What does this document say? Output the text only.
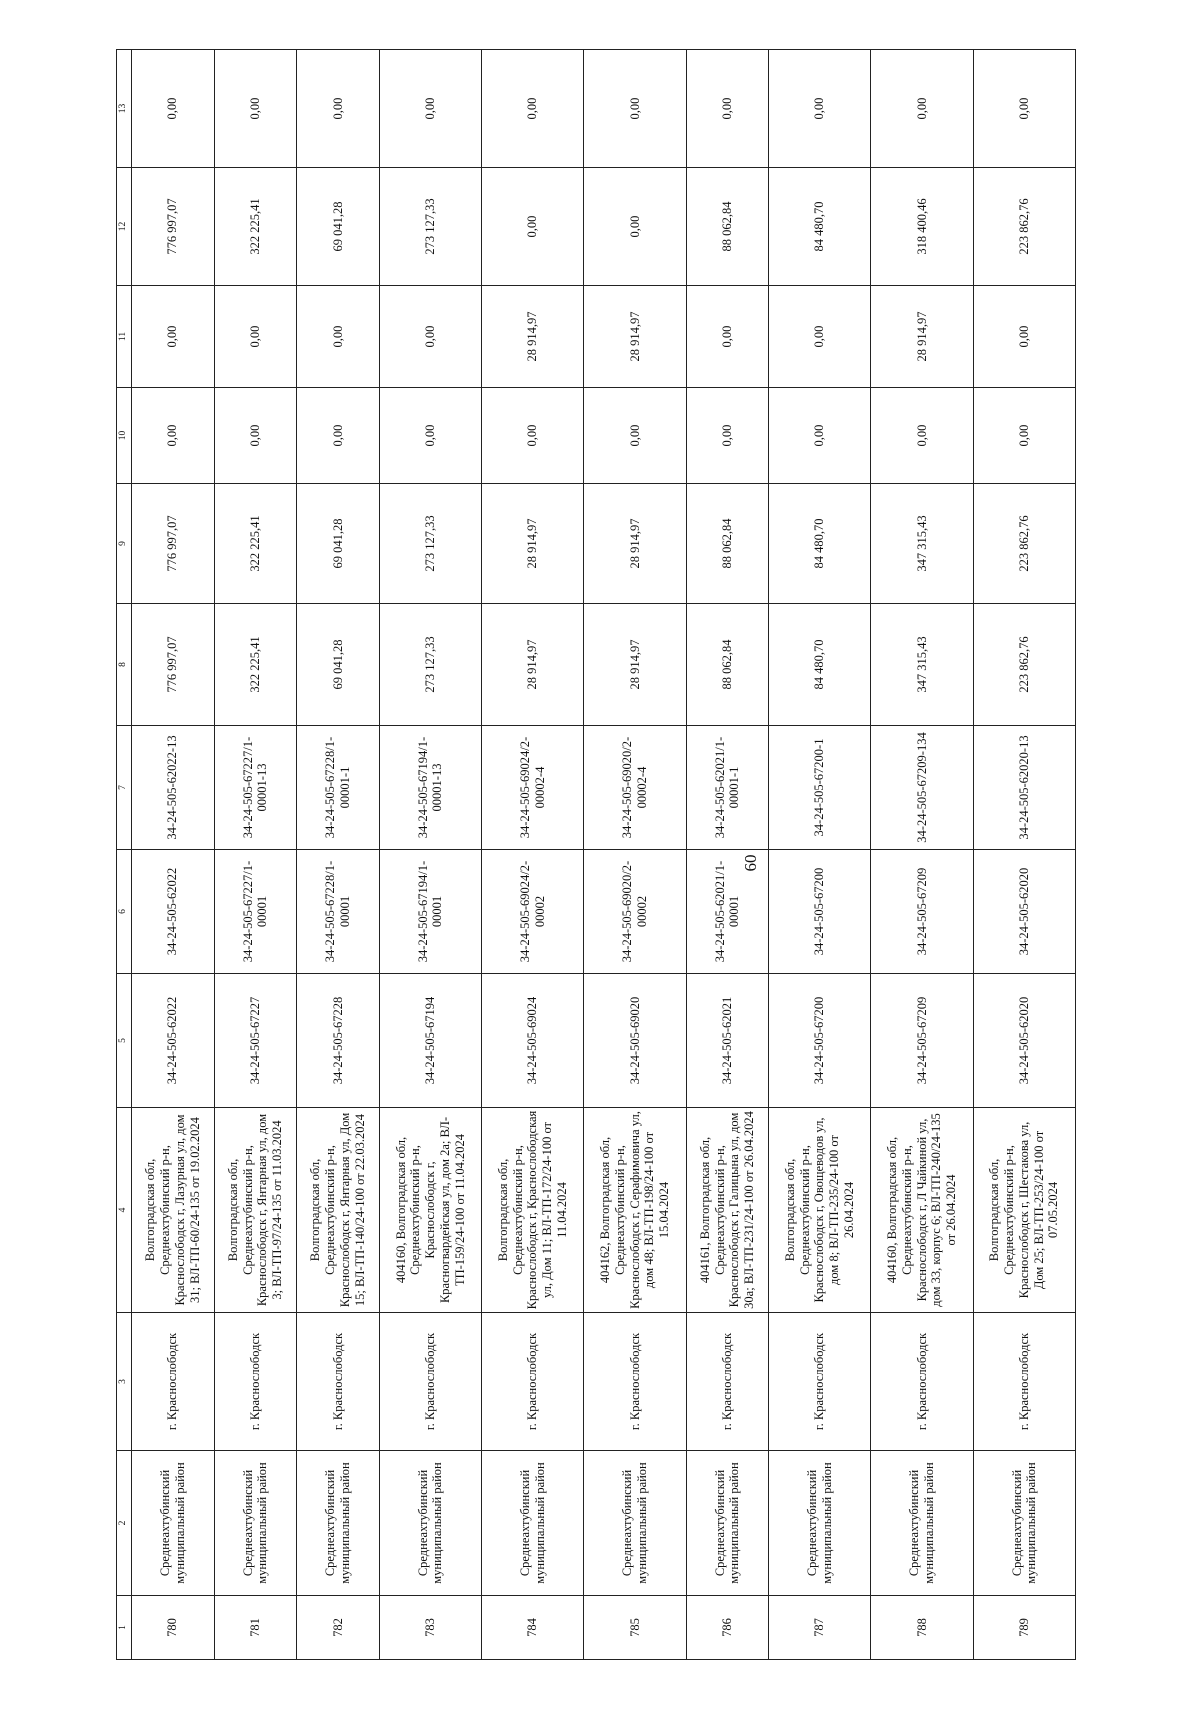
60
1	2	3	4	5	6	7	8	9	10	11	12	13
780	Среднеахтубинский муниципальный район	г. Краснослободск	Волгоградская обл, Среднеахтубинский р-н, Краснослободск г, Лазурная ул, дом 31; ВЛ-ТП-60/24-135 от 19.02.2024	34-24-505-62022	34-24-505-62022	34-24-505-62022-13	776 997,07	776 997,07	0,00	0,00	776 997,07	0,00
781	Среднеахтубинский муниципальный район	г. Краснослободск	Волгоградская обл, Среднеахтубинский р-н, Краснослободск г, Янтарная ул, дом 3; ВЛ-ТП-97/24-135 от 11.03.2024	34-24-505-67227	34-24-505-67227/1-00001	34-24-505-67227/1-00001-13	322 225,41	322 225,41	0,00	0,00	322 225,41	0,00
782	Среднеахтубинский муниципальный район	г. Краснослободск	Волгоградская обл, Среднеахтубинский р-н, Краснослободск г, Янтарная ул, Дом 15; ВЛ-ТП-140/24-100 от 22.03.2024	34-24-505-67228	34-24-505-67228/1-00001	34-24-505-67228/1-00001-1	69 041,28	69 041,28	0,00	0,00	69 041,28	0,00
783	Среднеахтубинский муниципальный район	г. Краснослободск	404160, Волгоградская обл, Среднеахтубинский р-н, Краснослободск г, Красногвардейская ул, дом 2а; ВЛ-ТП-159/24-100 от 11.04.2024	34-24-505-67194	34-24-505-67194/1-00001	34-24-505-67194/1-00001-13	273 127,33	273 127,33	0,00	0,00	273 127,33	0,00
784	Среднеахтубинский муниципальный район	г. Краснослободск	Волгоградская обл, Среднеахтубинский р-н, Краснослободск г, Краснослободская ул, Дом 11; ВЛ-ТП-172/24-100 от 11.04.2024	34-24-505-69024	34-24-505-69024/2-00002	34-24-505-69024/2-00002-4	28 914,97	28 914,97	0,00	28 914,97	0,00	0,00
785	Среднеахтубинский муниципальный район	г. Краснослободск	404162, Волгоградская обл, Среднеахтубинский р-н, Краснослободск г, Серафимовича ул, дом 48; ВЛ-ТП-198/24-100 от 15.04.2024	34-24-505-69020	34-24-505-69020/2-00002	34-24-505-69020/2-00002-4	28 914,97	28 914,97	0,00	28 914,97	0,00	0,00
786	Среднеахтубинский муниципальный район	г. Краснослободск	404161, Волгоградская обл, Среднеахтубинский р-н, Краснослободск г, Галицына ул, дом 30а; ВЛ-ТП-231/24-100 от 26.04.2024	34-24-505-62021	34-24-505-62021/1-00001	34-24-505-62021/1-00001-1	88 062,84	88 062,84	0,00	0,00	88 062,84	0,00
787	Среднеахтубинский муниципальный район	г. Краснослободск	Волгоградская обл, Среднеахтубинский р-н, Краснослободск г, Овощеводов ул, дом 8; ВЛ-ТП-235/24-100 от 26.04.2024	34-24-505-67200	34-24-505-67200	34-24-505-67200-1	84 480,70	84 480,70	0,00	0,00	84 480,70	0,00
788	Среднеахтубинский муниципальный район	г. Краснослободск	404160, Волгоградская обл, Среднеахтубинский р-н, Краснослободск г, Л Чайкиной ул, дом 33, корпус 6; ВЛ-ТП-240/24-135 от 26.04.2024	34-24-505-67209	34-24-505-67209	34-24-505-67209-134	347 315,43	347 315,43	0,00	28 914,97	318 400,46	0,00
789	Среднеахтубинский муниципальный район	г. Краснослободск	Волгоградская обл, Среднеахтубинский р-н, Краснослободск г, Шестакова ул, Дом 25; ВЛ-ТП-253/24-100 от 07.05.2024	34-24-505-62020	34-24-505-62020	34-24-505-62020-13	223 862,76	223 862,76	0,00	0,00	223 862,76	0,00
